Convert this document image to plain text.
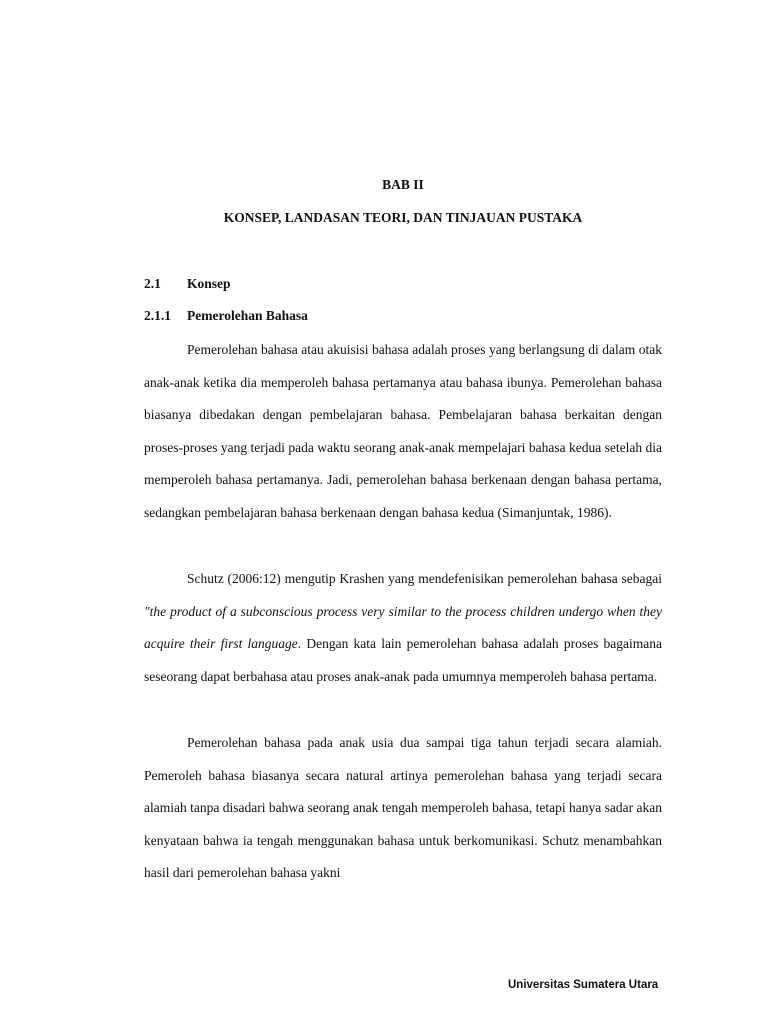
BAB II
KONSEP, LANDASAN TEORI, DAN TINJAUAN PUSTAKA
2.1 Konsep
2.1.1 Pemerolehan Bahasa

Pemerolehan bahasa atau akuisisi bahasa adalah proses yang berlangsung di dalam otak anak-anak ketika dia memperoleh bahasa pertamanya atau bahasa ibunya. Pemerolehan bahasa biasanya dibedakan dengan pembelajaran bahasa. Pembelajaran bahasa berkaitan dengan proses-proses yang terjadi pada waktu seorang anak-anak mempelajari bahasa kedua setelah dia memperoleh bahasa pertamanya. Jadi, pemerolehan bahasa berkenaan dengan bahasa pertama, sedangkan pembelajaran bahasa berkenaan dengan bahasa kedua (Simanjuntak, 1986).

Schutz (2006:12) mengutip Krashen yang mendefenisikan pemerolehan bahasa sebagai "the product of a subconscious process very similar to the process children undergo when they acquire their first language. Dengan kata lain pemerolehan bahasa adalah proses bagaimana seseorang dapat berbahasa atau proses anak-anak pada umumnya memperoleh bahasa pertama.

Pemerolehan bahasa pada anak usia dua sampai tiga tahun terjadi secara alamiah. Pemeroleh bahasa biasanya secara natural artinya pemerolehan bahasa yang terjadi secara alamiah tanpa disadari bahwa seorang anak tengah memperoleh bahasa, tetapi hanya sadar akan kenyataan bahwa ia tengah menggunakan bahasa untuk berkomunikasi. Schutz menambahkan hasil dari pemerolehan bahasa yakni

Universitas Sumatera Utara
